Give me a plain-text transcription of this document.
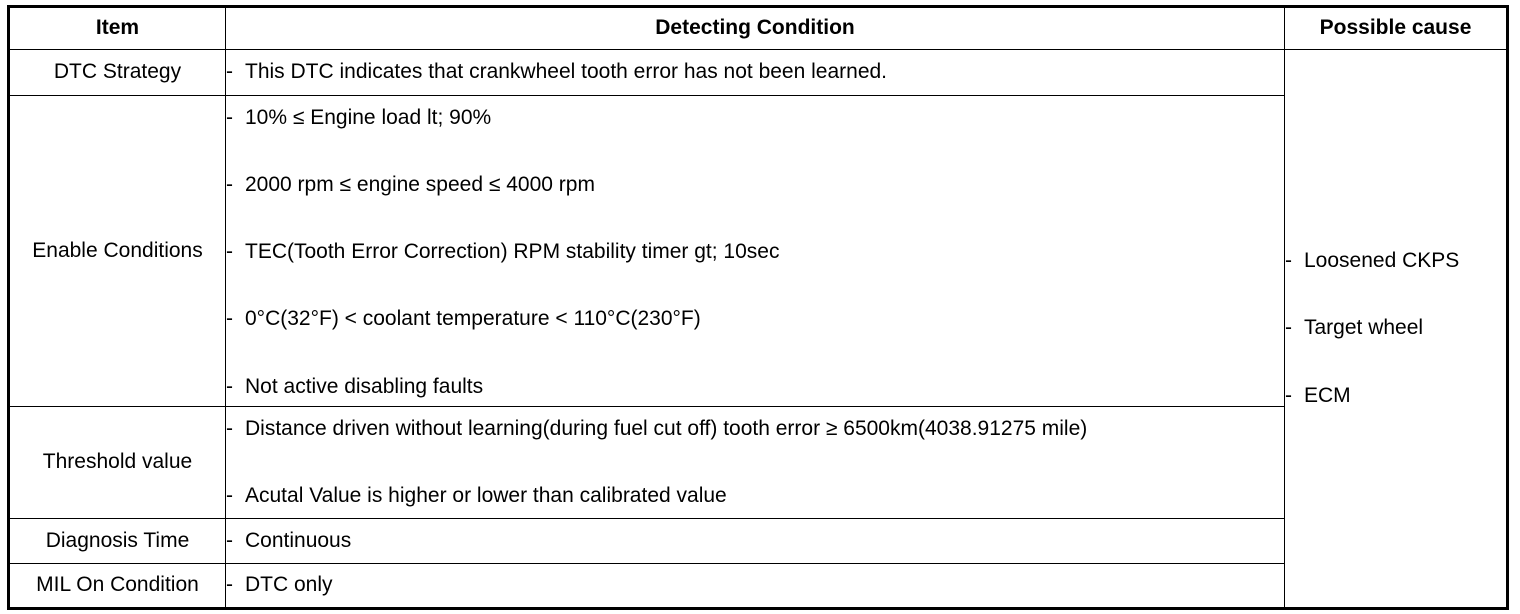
Item	Detecting Condition	Possible cause
DTC Strategy	- This DTC indicates that crankwheel tooth error has not been learned.	- Loosened CKPS
- Target wheel
- ECM

Enable Conditions	- 10% ≤ Engine load lt; 90%
- 2000 rpm ≤ engine speed ≤ 4000 rpm
- TEC(Tooth Error Correction) RPM stability timer gt; 10sec
- 0°C(32°F) < coolant temperature < 110°C(230°F)
- Not active disabling faults	

Threshold value	- Distance driven without learning(during fuel cut off) tooth error ≥ 6500km(4038.91275 mile)
- Acutal Value is higher or lower than calibrated value	

Diagnosis Time	- Continuous	

MIL On Condition	- DTC only	
